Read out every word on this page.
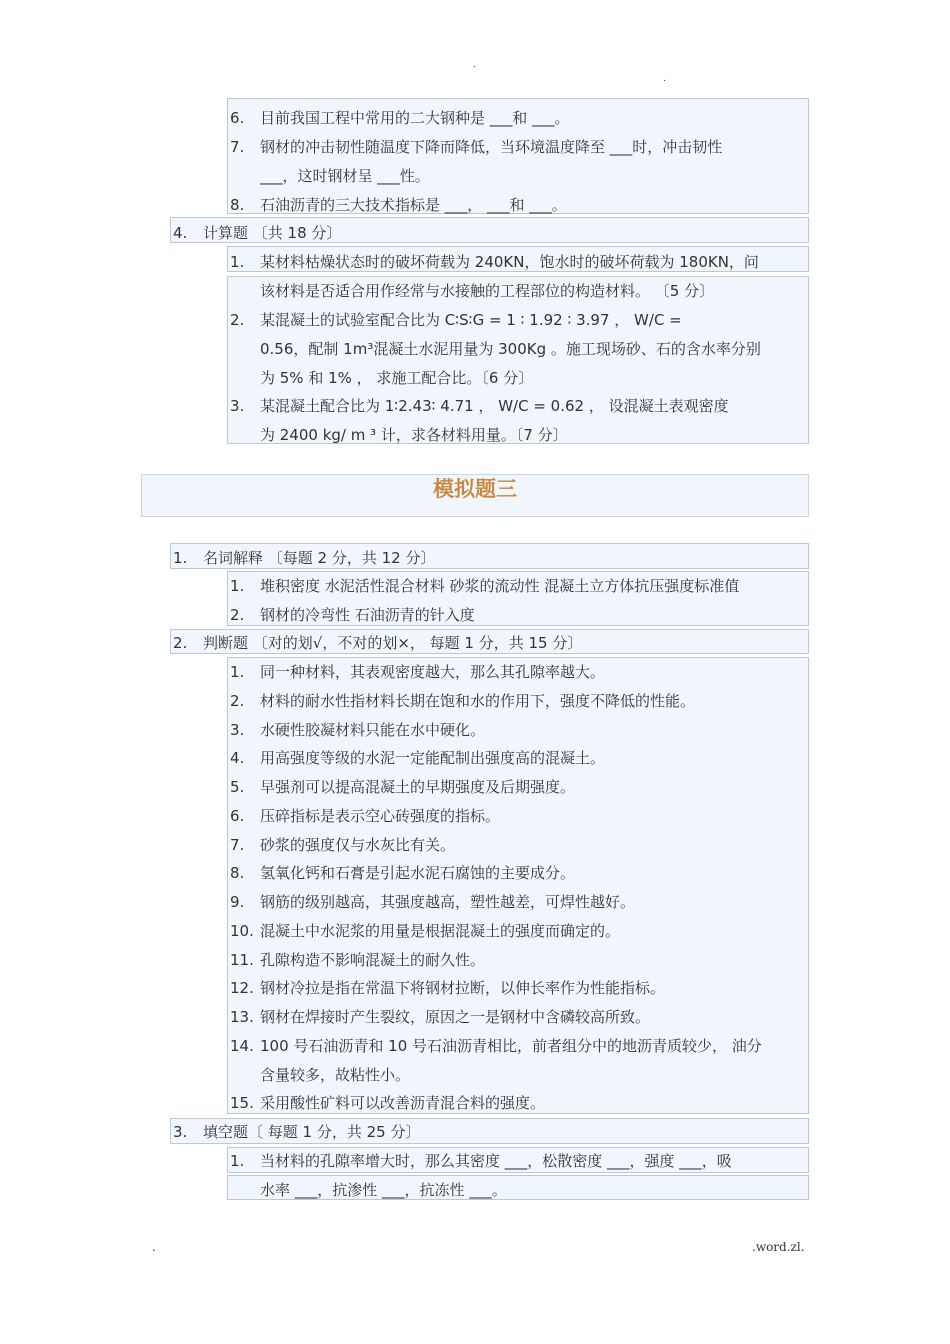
.
.
6. 目前我国工程中常用的二大钢种是 ___和 ___。
7. 钢材的冲击韧性随温度下降而降低，当环境温度降至 ___时，冲击韧性
___，这时钢材呈 ___性。
8. 石油沥青的三大技术指标是 ___， ___和 ___。
4. 计算题 〔共 18 分〕
1. 某材料枯燥状态时的破坏荷载为 240KN，饱水时的破坏荷载为 180KN，问
该材料是否适合用作经常与水接触的工程部位的构造材料。 〔5 分〕
2. 某混凝土的试验室配合比为 C∶S∶G = 1 ∶ 1.92 ∶ 3.97 ， W/C =
0.56，配制 1m³混凝土水泥用量为 300Kg 。施工现场砂、石的含水率分别
为 5% 和 1% ， 求施工配合比。〔6 分〕
3. 某混凝土配合比为 1∶2.43∶ 4.71 ， W/C = 0.62 ， 设混凝土表观密度
为 2400 kg/ m ³ 计，求各材料用量。〔7 分〕
模拟题三
1. 名词解释 〔每题 2 分，共 12 分〕
1. 堆积密度 水泥活性混合材料 砂浆的流动性 混凝土立方体抗压强度标准值
2. 钢材的冷弯性 石油沥青的针入度
2. 判断题 〔对的划√，不对的划×， 每题 1 分，共 15 分〕
1. 同一种材料，其表观密度越大，那么其孔隙率越大。
2. 材料的耐水性指材料长期在饱和水的作用下，强度不降低的性能。
3. 水硬性胶凝材料只能在水中硬化。
4. 用高强度等级的水泥一定能配制出强度高的混凝土。
5. 早强剂可以提高混凝土的早期强度及后期强度。
6. 压碎指标是表示空心砖强度的指标。
7. 砂浆的强度仅与水灰比有关。
8. 氢氧化钙和石膏是引起水泥石腐蚀的主要成分。
9. 钢筋的级别越高，其强度越高，塑性越差，可焊性越好。
10. 混凝土中水泥浆的用量是根据混凝土的强度而确定的。
11. 孔隙构造不影响混凝土的耐久性。
12. 钢材冷拉是指在常温下将钢材拉断，以伸长率作为性能指标。
13. 钢材在焊接时产生裂纹，原因之一是钢材中含磷较高所致。
14. 100 号石油沥青和 10 号石油沥青相比，前者组分中的地沥青质较少， 油分
含量较多，故粘性小。
15. 采用酸性矿料可以改善沥青混合料的强度。
3. 填空题〔 每题 1 分，共 25 分〕
1. 当材料的孔隙率增大时，那么其密度 ___，松散密度 ___，强度 ___，吸
水率 ___，抗渗性 ___，抗冻性 ___。
.	.word.zl.
